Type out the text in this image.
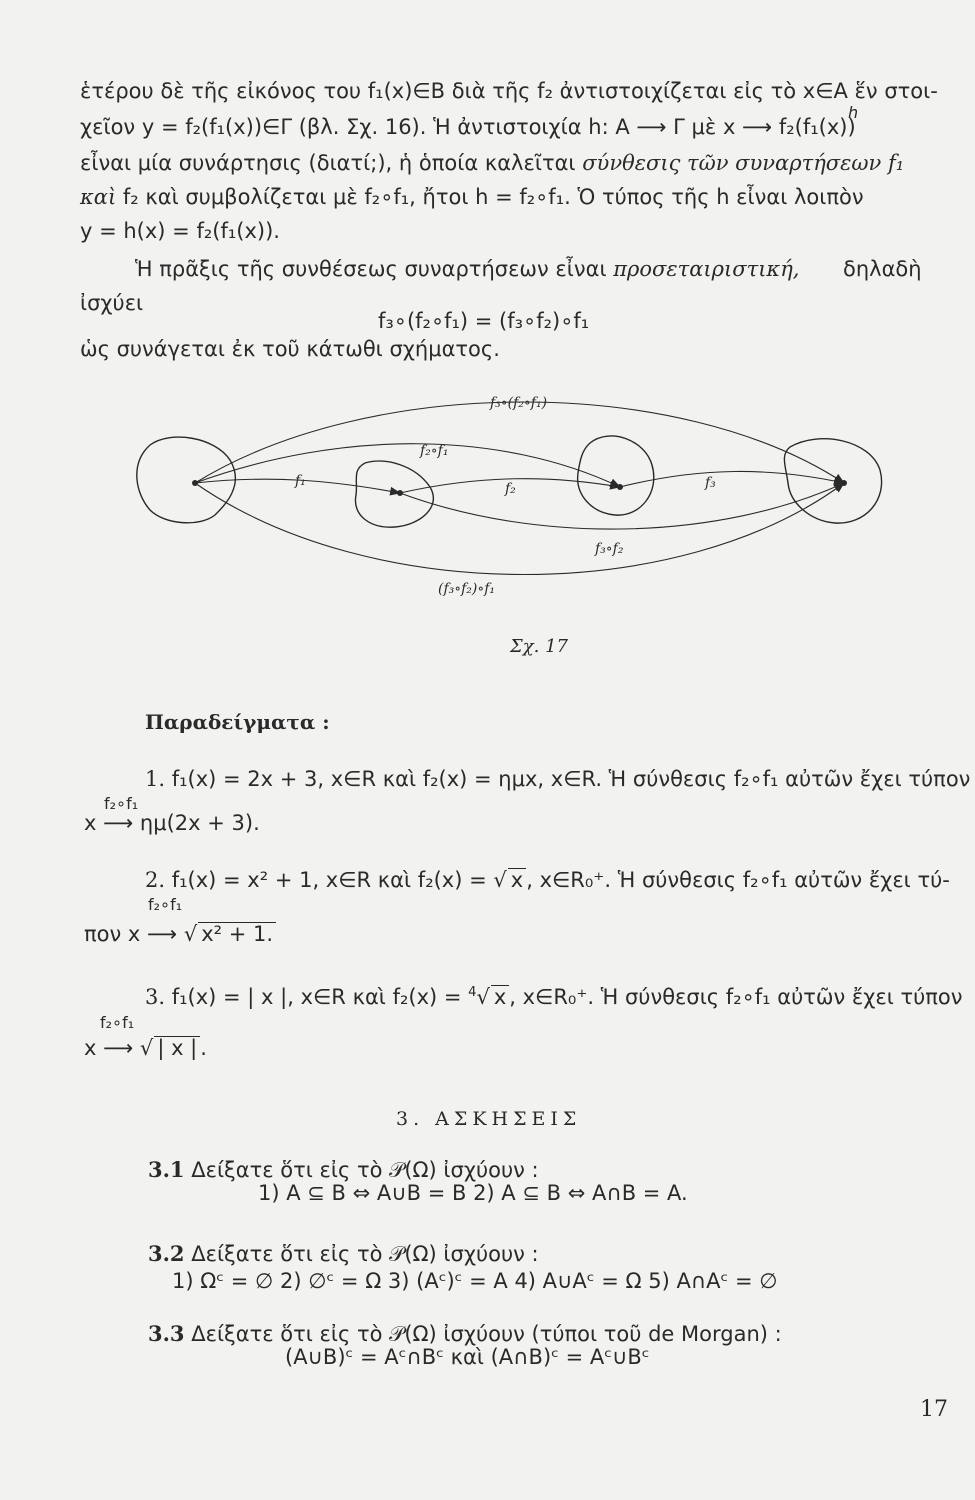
ἑτέρου δὲ τῆς εἰκόνος του f₁(x)∈B διὰ τῆς f₂ ἀντιστοιχίζεται εἰς τὸ x∈A ἕν στοι-
χεῖον y = f₂(f₁(x))∈Γ (βλ. Σχ. 16). Ἡ ἀντιστοιχία h: A ⟶ Γ μὲ x ⟶ f₂(f₁(x))
h
εἶναι μία συνάρτησις (διατί;), ἡ ὁποία καλεῖται σύνθεσις τῶν συναρτήσεων f₁
καὶ f₂ καὶ συμβολίζεται μὲ f₂∘f₁, ἤτοι h = f₂∘f₁. Ὁ τύπος τῆς h εἶναι λοιπὸν
y = h(x) = f₂(f₁(x)).
Ἡ πρᾶξις τῆς συνθέσεως συναρτήσεων εἶναι προσεταιριστική, δηλαδὴ
ἰσχύει
f₃∘(f₂∘f₁) = (f₃∘f₂)∘f₁
ὡς συνάγεται ἐκ τοῦ κάτωθι σχήματος.
f₃∘(f₂∘f₁)
f₂∘f₁
f₁	f₂	f₃
f₃∘f₂
(f₃∘f₂)∘f₁
Σχ. 17
Παραδείγματα :
1. f₁(x) = 2x + 3, x∈R καὶ f₂(x) = ημx, x∈R. Ἡ σύνθεσις f₂∘f₁ αὐτῶν ἔχει τύπον
f₂∘f₁
x ⟶ ημ(2x + 3).
2. f₁(x) = x² + 1, x∈R καὶ f₂(x) = √ x , x∈R₀⁺. Ἡ σύνθεσις f₂∘f₁ αὐτῶν ἔχει τύ-
f₂∘f₁
πον x ⟶ √ x² + 1.
3. f₁(x) = | x |, x∈R καὶ f₂(x) = $^4$√ x , x∈R₀⁺. Ἡ σύνθεσις f₂∘f₁ αὐτῶν ἔχει τύπον
f₂∘f₁
x ⟶ √ | x | .
3. ΑΣΚΗΣΕΙΣ
3.1 Δείξατε ὅτι εἰς τὸ 𝒫(Ω) ἰσχύουν :
1) A ⊆ B ⇔ A∪B = B 2) A ⊆ B ⇔ A∩B = A.
3.2 Δείξατε ὅτι εἰς τὸ 𝒫(Ω) ἰσχύουν :
1) Ωᶜ = ∅ 2) ∅ᶜ = Ω 3) (Aᶜ)ᶜ = A 4) A∪Aᶜ = Ω 5) A∩Aᶜ = ∅
3.3 Δείξατε ὅτι εἰς τὸ 𝒫(Ω) ἰσχύουν (τύποι τοῦ de Morgan) :
(A∪B)ᶜ = Aᶜ∩Bᶜ καὶ (A∩B)ᶜ = Aᶜ∪Bᶜ
17
